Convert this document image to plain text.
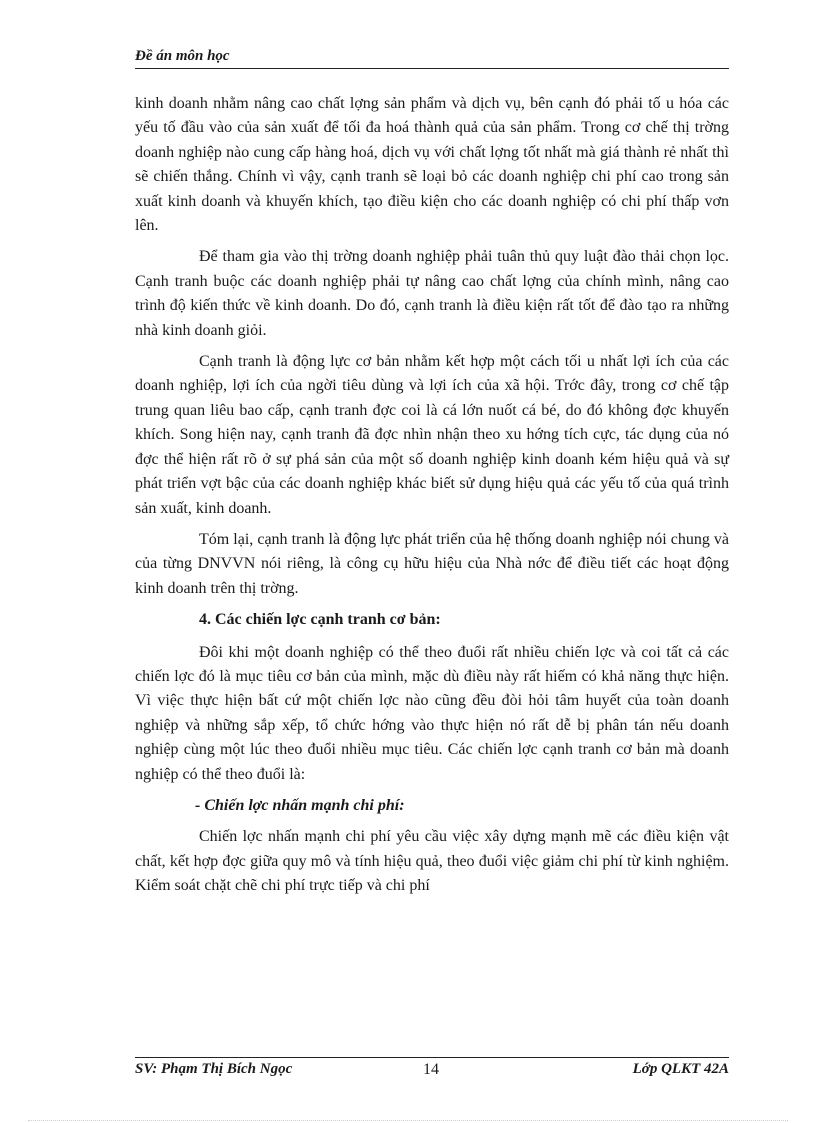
Đề án môn học

kinh doanh nhằm nâng cao chất lợng sản phẩm và dịch vụ, bên cạnh đó phải tố u hóa các yếu tố đầu vào của sản xuất để tối đa hoá thành quả của sản phẩm. Trong cơ chế thị trờng doanh nghiệp nào cung cấp hàng hoá, dịch vụ với chất lợng tốt nhất mà giá thành rẻ nhất thì sẽ chiến thắng. Chính vì vậy, cạnh tranh sẽ loại bỏ các doanh nghiệp chi phí cao trong sản xuất kinh doanh và khuyến khích, tạo điều kiện cho các doanh nghiệp có chi phí thấp vơn lên.

Để tham gia vào thị trờng doanh nghiệp phải tuân thủ quy luật đào thải chọn lọc. Cạnh tranh buộc các doanh nghiệp phải tự nâng cao chất lợng của chính mình, nâng cao trình độ kiến thức về kinh doanh. Do đó, cạnh tranh là điều kiện rất tốt để đào tạo ra những nhà kinh doanh giỏi.

Cạnh tranh là động lực cơ bản nhằm kết hợp một cách tối u nhất lợi ích của các doanh nghiệp, lợi ích của ngời tiêu dùng và lợi ích của xã hội. Trớc đây, trong cơ chế tập trung quan liêu bao cấp, cạnh tranh đợc coi là cá lớn nuốt cá bé, do đó không đợc khuyến khích. Song hiện nay, cạnh tranh đã đợc nhìn nhận theo xu hớng tích cực, tác dụng của nó đợc thể hiện rất rõ ở sự phá sản của một số doanh nghiệp kinh doanh kém hiệu quả và sự phát triển vợt bậc của các doanh nghiệp khác biết sử dụng hiệu quả các yếu tố của quá trình sản xuất, kinh doanh.

Tóm lại, cạnh tranh là động lực phát triển của hệ thống doanh nghiệp nói chung và của từng DNVVN nói riêng, là công cụ hữu hiệu của Nhà nớc để điều tiết các hoạt động kinh doanh trên thị trờng.

4. Các chiến lợc cạnh tranh cơ bản:

Đôi khi một doanh nghiệp có thể theo đuổi rất nhiều chiến lợc và coi tất cả các chiến lợc đó là mục tiêu cơ bản của mình, mặc dù điều này rất hiếm có khả năng thực hiện. Vì việc thực hiện bất cứ một chiến lợc nào cũng đều đòi hỏi tâm huyết của toàn doanh nghiệp và những sắp xếp, tổ chức hớng vào thực hiện nó rất dễ bị phân tán nếu doanh nghiệp cùng một lúc theo đuổi nhiều mục tiêu. Các chiến lợc cạnh tranh cơ bản mà doanh nghiệp có thể theo đuổi là:

- Chiến lợc nhấn mạnh chi phí:

Chiến lợc nhấn mạnh chi phí yêu cầu việc xây dựng mạnh mẽ các điều kiện vật chất, kết hợp đợc giữa quy mô và tính hiệu quả, theo đuổi việc giảm chi phí từ kinh nghiệm. Kiểm soát chặt chẽ chi phí trực tiếp và chi phí

SV: Phạm Thị Bích Ngọc	14	Lớp QLKT 42A
